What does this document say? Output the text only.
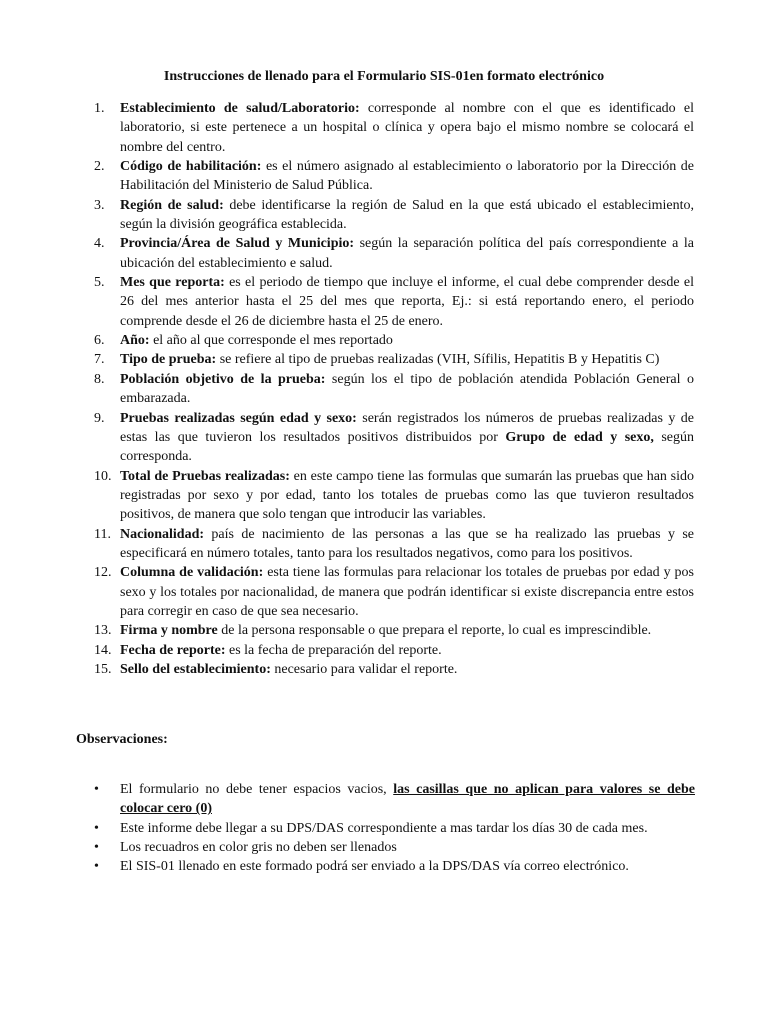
Instrucciones de llenado para el Formulario SIS-01en formato electrónico
1.	Establecimiento de salud/Laboratorio: corresponde al nombre con el que es identificado el laboratorio, si este pertenece a un hospital o clínica y opera bajo el mismo nombre se colocará el nombre del centro.
2.	Código de habilitación: es el número asignado al establecimiento o laboratorio por la Dirección de Habilitación del Ministerio de Salud Pública.
3.	Región de salud: debe identificarse la región de Salud en la que está ubicado el establecimiento, según la división geográfica establecida.
4.	Provincia/Área de Salud y Municipio: según la separación política del país correspondiente a la ubicación del establecimiento e salud.
5.	Mes que reporta: es el periodo de tiempo que incluye el informe, el cual debe comprender desde el 26 del mes anterior hasta el 25 del mes que reporta, Ej.: si está reportando enero, el periodo comprende desde el 26 de diciembre hasta el 25 de enero.
6.	Año: el año al que corresponde el mes reportado
7.	Tipo de prueba: se refiere al tipo de pruebas realizadas (VIH, Sífilis, Hepatitis B y Hepatitis C)
8.	Población objetivo de la prueba: según los el tipo de población atendida Población General o embarazada.
9.	Pruebas realizadas según edad y sexo: serán registrados los números de pruebas realizadas y de estas las que tuvieron los resultados positivos distribuidos por Grupo de edad y sexo, según corresponda.
10. Total de Pruebas realizadas: en este campo tiene las formulas que sumarán las pruebas que han sido registradas por sexo y por edad, tanto los totales de pruebas como las que tuvieron resultados positivos, de manera que solo tengan que introducir las variables.
11. Nacionalidad: país de nacimiento de las personas a las que se ha realizado las pruebas y se especificará en número totales, tanto para los resultados negativos, como para los positivos.
12. Columna de validación: esta tiene las formulas para relacionar los totales de pruebas por edad y pos sexo y los totales por nacionalidad, de manera que podrán identificar si existe discrepancia entre estos para corregir en caso de que sea necesario.
13. Firma y nombre de la persona responsable o que prepara el reporte, lo cual es imprescindible.
14. Fecha de reporte: es la fecha de preparación del reporte.
15. Sello del establecimiento: necesario para validar el reporte.
Observaciones:
• El formulario no debe tener espacios vacios, las casillas que no aplican para valores se debe colocar cero (0)
• Este informe debe llegar a su DPS/DAS correspondiente a mas tardar los días 30 de cada mes.
• Los recuadros en color gris no deben ser llenados
• El SIS-01 llenado en este formado podrá ser enviado a la DPS/DAS vía correo electrónico.
